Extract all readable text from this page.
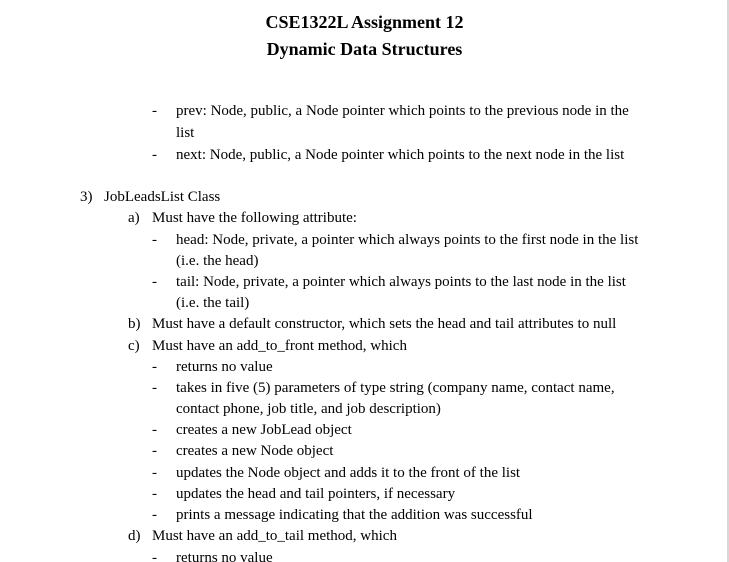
CSE1322L Assignment 12
Dynamic Data Structures
- prev: Node, public, a Node pointer which points to the previous node in the
list
- next: Node, public, a Node pointer which points to the next node in the list
3) JobLeadsList Class
a) Must have the following attribute:
- head: Node, private, a pointer which always points to the first node in the list
(i.e. the head)
- tail: Node, private, a pointer which always points to the last node in the list
(i.e. the tail)
b) Must have a default constructor, which sets the head and tail attributes to null
c) Must have an add_to_front method, which
- returns no value
- takes in five (5) parameters of type string (company name, contact name,
contact phone, job title, and job description)
- creates a new JobLead object
- creates a new Node object
- updates the Node object and adds it to the front of the list
- updates the head and tail pointers, if necessary
- prints a message indicating that the addition was successful
d) Must have an add_to_tail method, which
- returns no value
